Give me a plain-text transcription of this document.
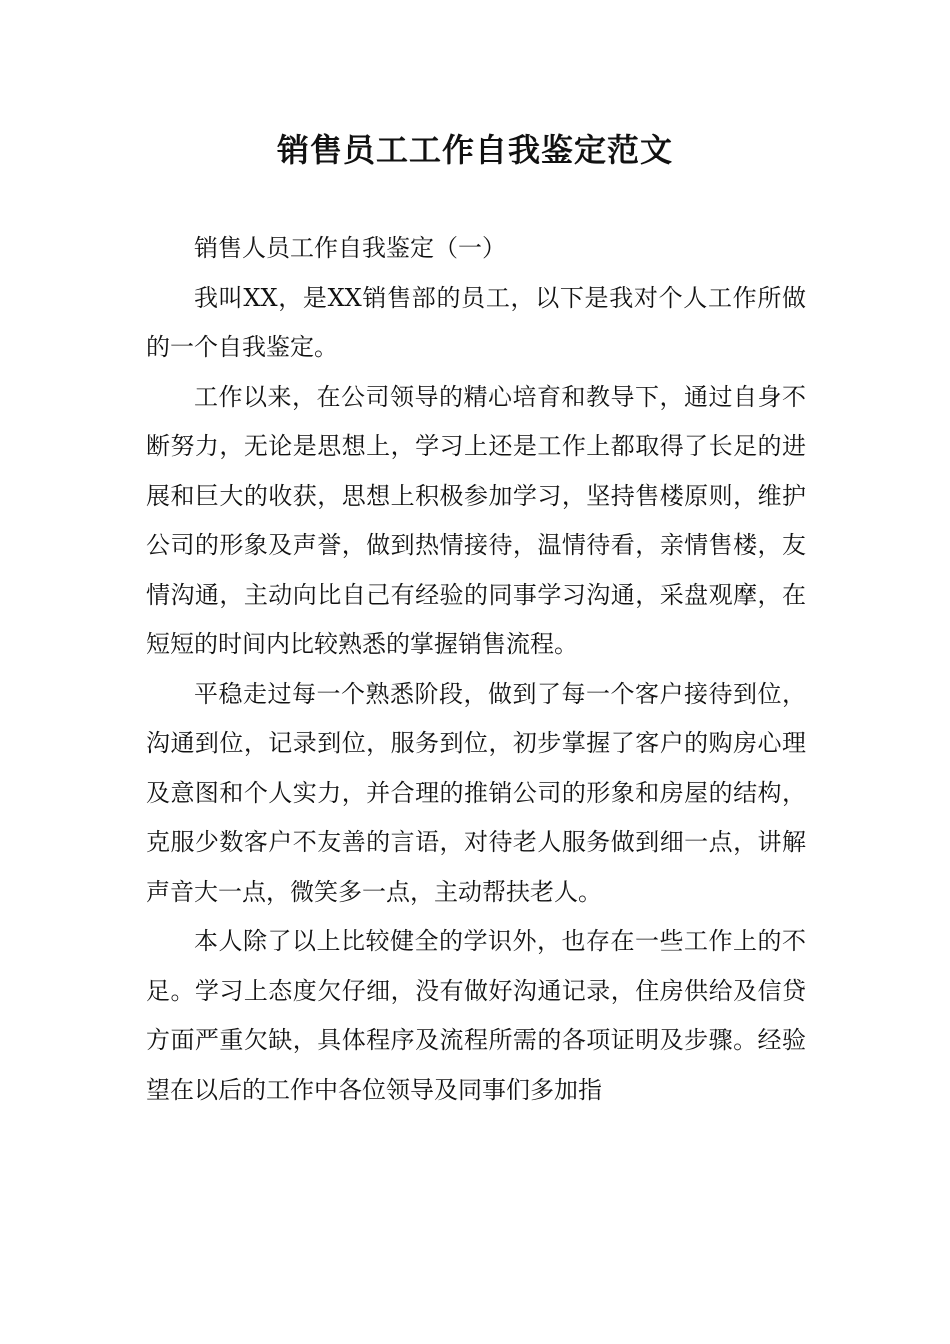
销售员工工作自我鉴定范文

销售人员工作自我鉴定（一）

我叫XX，是XX销售部的员工，以下是我对个人工作所做的一个自我鉴定。

工作以来，在公司领导的精心培育和教导下，通过自身不断努力，无论是思想上，学习上还是工作上都取得了长足的进展和巨大的收获，思想上积极参加学习，坚持售楼原则，维护公司的形象及声誉，做到热情接待，温情待看，亲情售楼，友情沟通，主动向比自己有经验的同事学习沟通，采盘观摩，在短短的时间内比较熟悉的掌握销售流程。

平稳走过每一个熟悉阶段，做到了每一个客户接待到位，沟通到位，记录到位，服务到位，初步掌握了客户的购房心理及意图和个人实力，并合理的推销公司的形象和房屋的结构，克服少数客户不友善的言语，对待老人服务做到细一点，讲解声音大一点，微笑多一点，主动帮扶老人。

本人除了以上比较健全的学识外，也存在一些工作上的不足。学习上态度欠仔细，没有做好沟通记录，住房供给及信贷方面严重欠缺，具体程序及流程所需的各项证明及步骤。经验望在以后的工作中各位领导及同事们多加指
